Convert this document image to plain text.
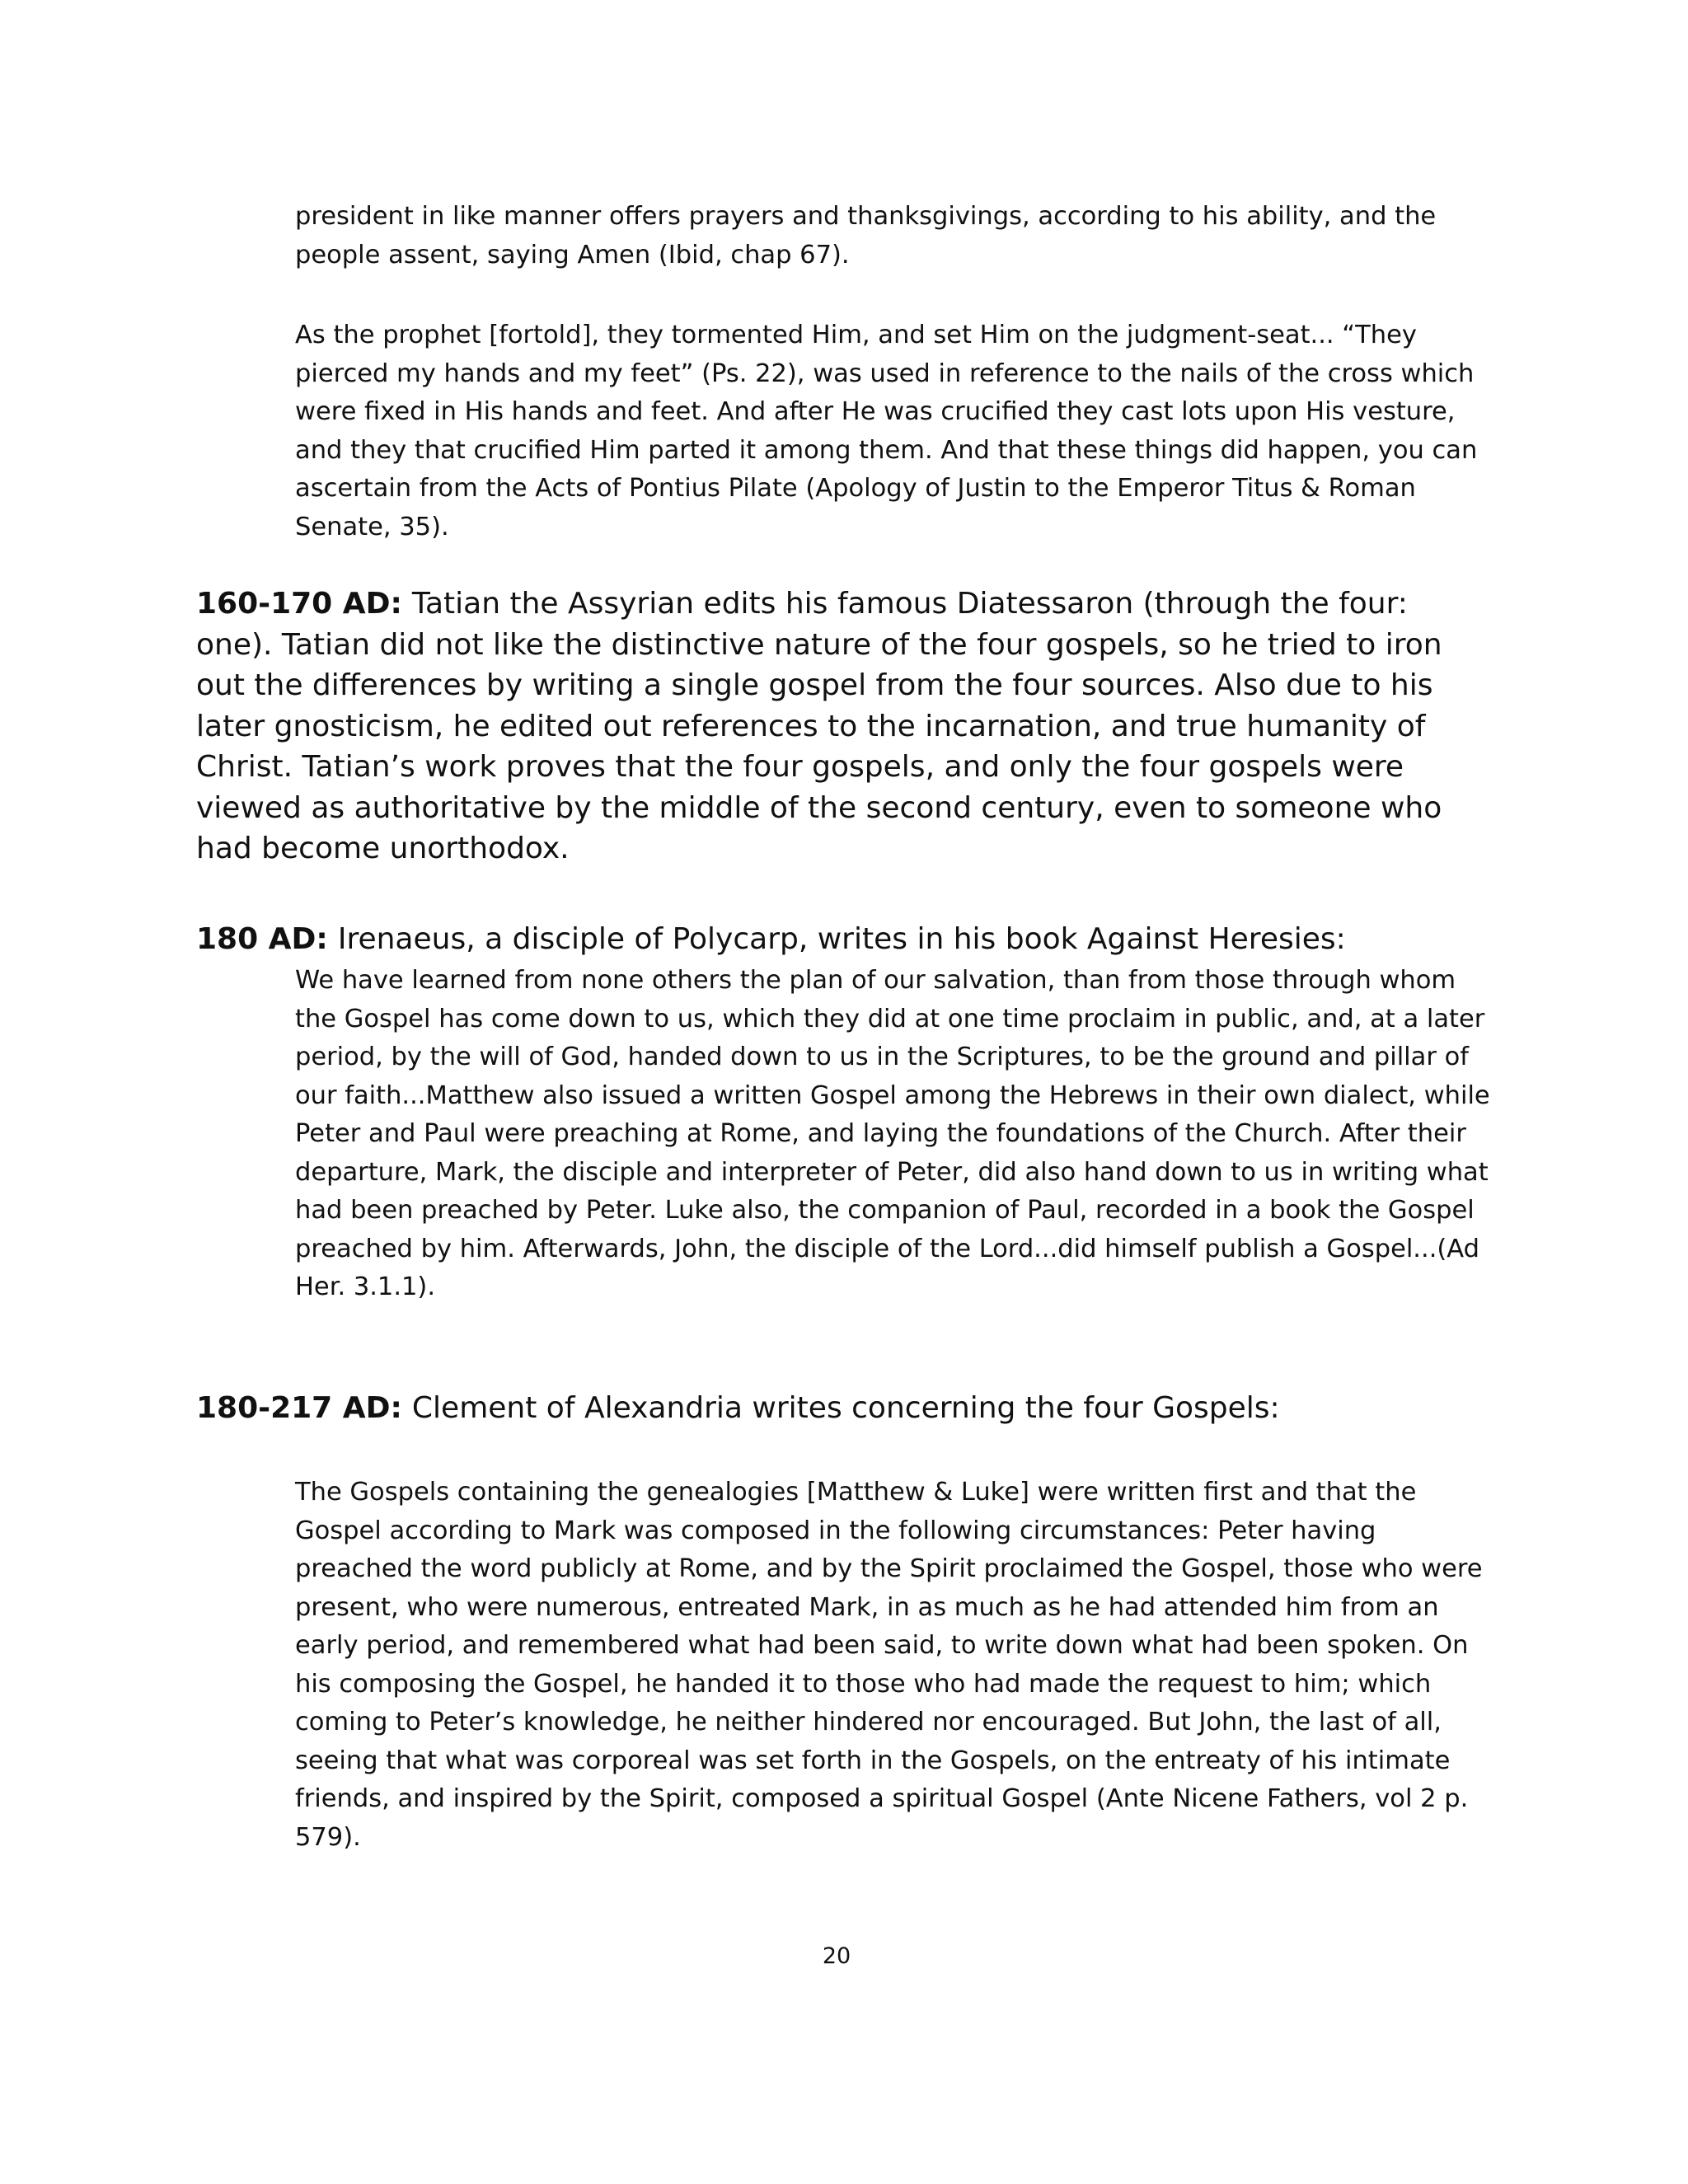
president in like manner offers prayers and thanksgivings, according to his ability, and the people assent, saying Amen (Ibid, chap 67).

As the prophet [fortold], they tormented Him, and set Him on the judgment-seat... “They pierced my hands and my feet” (Ps. 22), was used in reference to the nails of the cross which were fixed in His hands and feet. And after He was crucified they cast lots upon His vesture, and they that crucified Him parted it among them. And that these things did happen, you can ascertain from the Acts of Pontius Pilate (Apology of Justin to the Emperor Titus & Roman Senate, 35).

160-170 AD: Tatian the Assyrian edits his famous Diatessaron (through the four: one). Tatian did not like the distinctive nature of the four gospels, so he tried to iron out the differences by writing a single gospel from the four sources. Also due to his later gnosticism, he edited out references to the incarnation, and true humanity of Christ. Tatian’s work proves that the four gospels, and only the four gospels were viewed as authoritative by the middle of the second century, even to someone who had become unorthodox.

180 AD: Irenaeus, a disciple of Polycarp, writes in his book Against Heresies:

We have learned from none others the plan of our salvation, than from those through whom the Gospel has come down to us, which they did at one time proclaim in public, and, at a later period, by the will of God, handed down to us in the Scriptures, to be the ground and pillar of our faith...Matthew also issued a written Gospel among the Hebrews in their own dialect, while Peter and Paul were preaching at Rome, and laying the foundations of the Church. After their departure, Mark, the disciple and interpreter of Peter, did also hand down to us in writing what had been preached by Peter. Luke also, the companion of Paul, recorded in a book the Gospel preached by him. Afterwards, John, the disciple of the Lord...did himself publish a Gospel...(Ad Her. 3.1.1).

180-217 AD: Clement of Alexandria writes concerning the four Gospels:

The Gospels containing the genealogies [Matthew & Luke] were written first and that the Gospel according to Mark was composed in the following circumstances: Peter having preached the word publicly at Rome, and by the Spirit proclaimed the Gospel, those who were present, who were numerous, entreated Mark, in as much as he had attended him from an early period, and remembered what had been said, to write down what had been spoken. On his composing the Gospel, he handed it to those who had made the request to him; which coming to Peter’s knowledge, he neither hindered nor encouraged. But John, the last of all, seeing that what was corporeal was set forth in the Gospels, on the entreaty of his intimate friends, and inspired by the Spirit, composed a spiritual Gospel (Ante Nicene Fathers, vol 2 p. 579).

20
